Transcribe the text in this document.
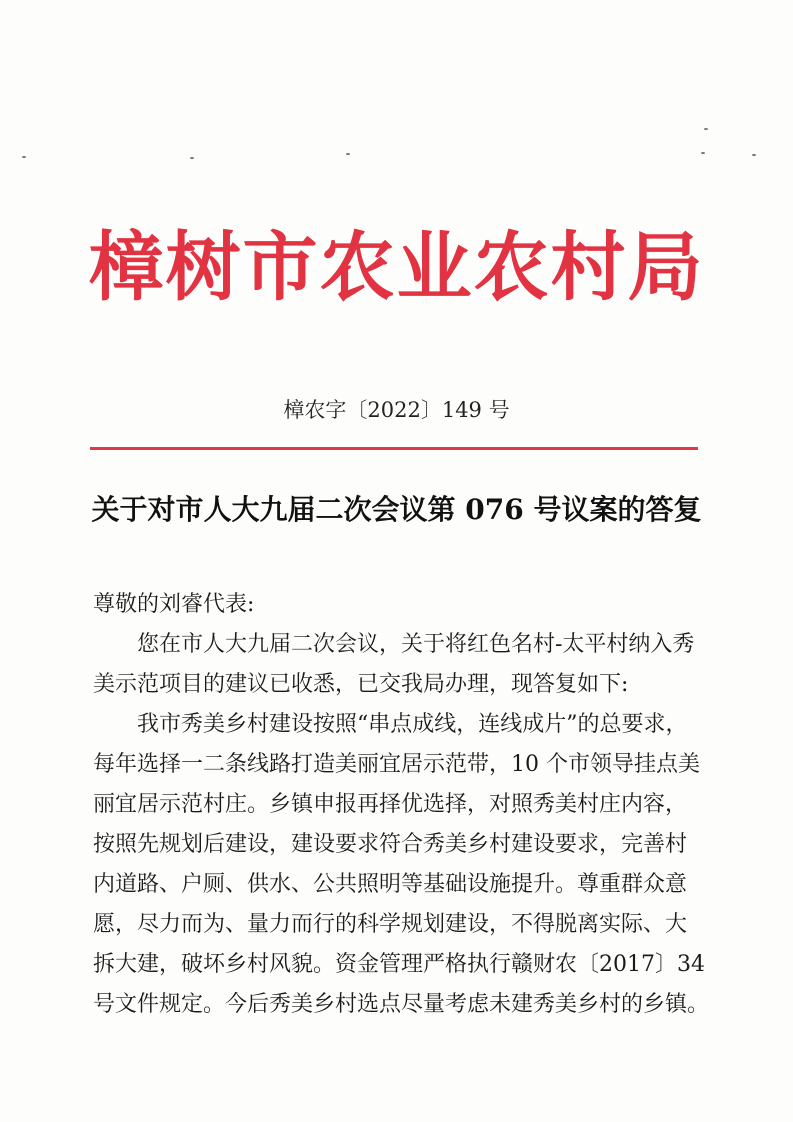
樟树市农业农村局
樟农字〔2022〕149 号
关于对市人大九届二次会议第 076 号议案的答复
尊敬的刘睿代表:
您在市人大九届二次会议，关于将红色名村-太平村纳入秀
美示范项目的建议已收悉，已交我局办理，现答复如下:
我市秀美乡村建设按照“串点成线，连线成片”的总要求，
每年选择一二条线路打造美丽宜居示范带，10 个市领导挂点美
丽宜居示范村庄。乡镇申报再择优选择，对照秀美村庄内容，
按照先规划后建设，建设要求符合秀美乡村建设要求，完善村
内道路、户厕、供水、公共照明等基础设施提升。尊重群众意
愿，尽力而为、量力而行的科学规划建设，不得脱离实际、大
拆大建，破坏乡村风貌。资金管理严格执行赣财农〔2017〕34
号文件规定。今后秀美乡村选点尽量考虑未建秀美乡村的乡镇。
